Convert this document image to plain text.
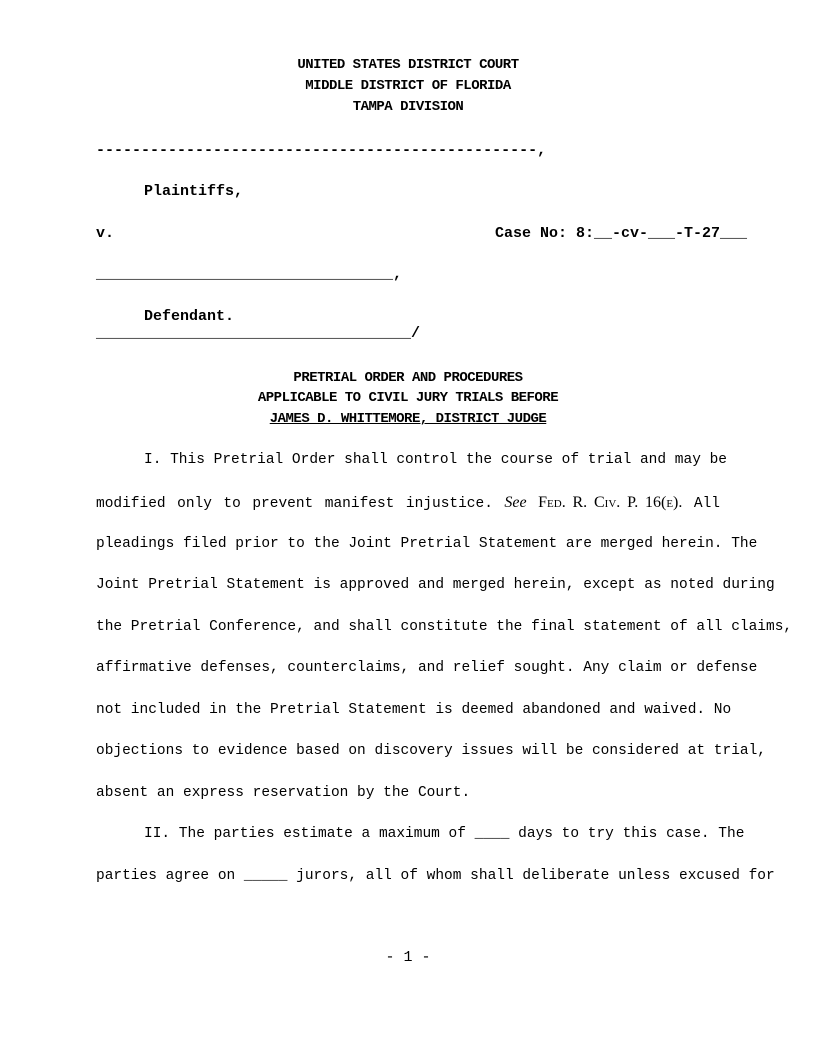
UNITED STATES DISTRICT COURT
MIDDLE DISTRICT OF FLORIDA
TAMPA DIVISION
-------------------------------------------------,
Plaintiffs,
v.	Case No: 8:__-cv-___-T-27___
_________________________________,
Defendant.
___________________________________/
PRETRIAL ORDER AND PROCEDURES
APPLICABLE TO CIVIL JURY TRIALS BEFORE
JAMES D. WHITTEMORE, DISTRICT JUDGE
I. This Pretrial Order shall control the course of trial and may be
modified only to prevent manifest injustice. See Fed. R. Civ. P. 16(e). All
pleadings filed prior to the Joint Pretrial Statement are merged herein. The
Joint Pretrial Statement is approved and merged herein, except as noted during
the Pretrial Conference, and shall constitute the final statement of all claims,
affirmative defenses, counterclaims, and relief sought. Any claim or defense
not included in the Pretrial Statement is deemed abandoned and waived. No
objections to evidence based on discovery issues will be considered at trial,
absent an express reservation by the Court.
II. The parties estimate a maximum of ____ days to try this case. The
parties agree on _____ jurors, all of whom shall deliberate unless excused for
- 1 -
